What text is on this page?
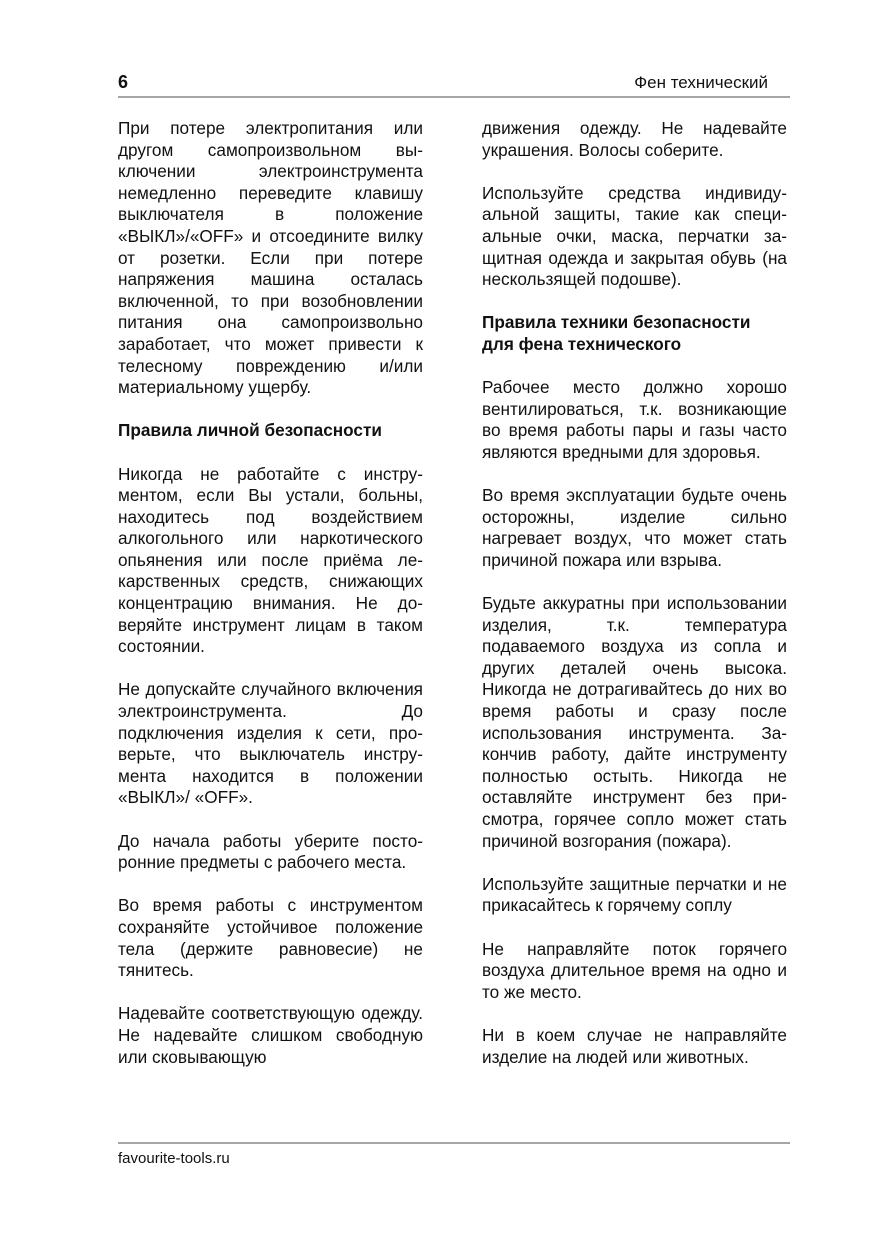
6	Фен технический

При потере электропитания или другом самопроизвольном выключении электроинструмента немедленно переведите клавишу выключателя в положение «ВЫКЛ»/«OFF» и отсоедините вилку от розетки. Если при потере напряжения машина осталась включенной, то при возобновлении питания она самопроизвольно заработает, что может привести к телесному повреждению и/или материальному ущербу.

Правила личной безопасности

Никогда не работайте с инструментом, если Вы устали, больны, находитесь под воздействием алкогольного или наркотического опьянения или после приёма лекарственных средств, снижающих концентрацию внимания. Не доверяйте инструмент лицам в таком состоянии.

Не допускайте случайного включения электроинструмента. До подключения изделия к сети, проверьте, что выключатель инструмента находится в положении «ВЫКЛ»/ «OFF».

До начала работы уберите посторонние предметы с рабочего места.

Во время работы с инструментом сохраняйте устойчивое положение тела (держите равновесие) не тянитесь.

Надевайте соответствующую одежду. Не надевайте слишком свободную или сковывающую

движения одежду. Не надевайте украшения. Волосы соберите.

Используйте средства индивидуальной защиты, такие как специальные очки, маска, перчатки защитная одежда и закрытая обувь (на нескользящей подошве).

Правила техники безопасности для фена технического

Рабочее место должно хорошо вентилироваться, т.к. возникающие во время работы пары и газы часто являются вредными для здоровья.

Во время эксплуатации будьте очень осторожны, изделие сильно нагревает воздух, что может стать причиной пожара или взрыва.

Будьте аккуратны при использовании изделия, т.к. температура подаваемого воздуха из сопла и других деталей очень высока. Никогда не дотрагивайтесь до них во время работы и сразу после использования инструмента. Закончив работу, дайте инструменту полностью остыть. Никогда не оставляйте инструмент без присмотра, горячее сопло может стать причиной возгорания (пожара).

Используйте защитные перчатки и не прикасайтесь к горячему соплу

Не направляйте поток горячего воздуха длительное время на одно и то же место.

Ни в коем случае не направляйте изделие на людей или животных.

favourite-tools.ru
